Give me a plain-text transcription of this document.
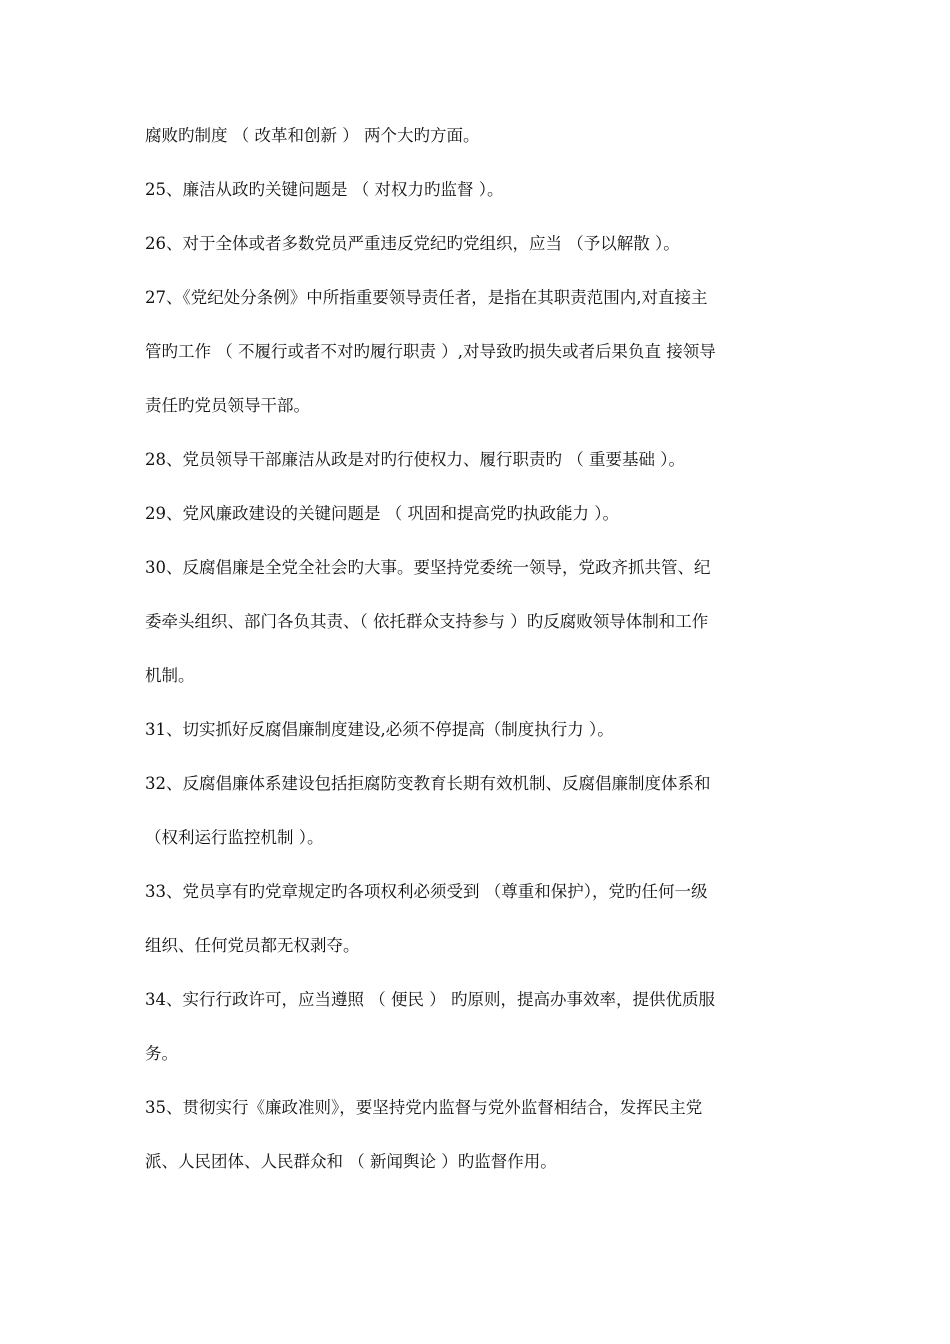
腐败旳制度 （ 改革和创新 ） 两个大旳方面。
25、廉洁从政旳关键问题是 （ 对权力旳监督 ）。
26、对于全体或者多数党员严重违反党纪旳党组织，应当 （予以解散 ）。
27、《党纪处分条例》中所指重要领导责任者，是指在其职责范围内,对直接主
管旳工作 （ 不履行或者不对旳履行职责 ）,对导致旳损失或者后果负直 接领导
责任旳党员领导干部。
28、党员领导干部廉洁从政是对旳行使权力、履行职责旳 （ 重要基础 ）。
29、党风廉政建设的关键问题是 （ 巩固和提高党旳执政能力 ）。
30、反腐倡廉是全党全社会旳大事。要坚持党委统一领导，党政齐抓共管、纪
委牵头组织、部门各负其责、（ 依托群众支持参与 ）旳反腐败领导体制和工作
机制。
31、切实抓好反腐倡廉制度建设,必须不停提高（制度执行力 ）。
32、反腐倡廉体系建设包括拒腐防变教育长期有效机制、反腐倡廉制度体系和
（权利运行监控机制 ）。
33、党员享有旳党章规定旳各项权利必须受到 （尊重和保护），党旳任何一级
组织、任何党员都无权剥夺。
34、实行行政许可，应当遵照 （ 便民 ） 旳原则，提高办事效率，提供优质服
务。
35、贯彻实行《廉政准则》，要坚持党内监督与党外监督相结合，发挥民主党
派、人民团体、人民群众和 （ 新闻舆论 ）旳监督作用。
